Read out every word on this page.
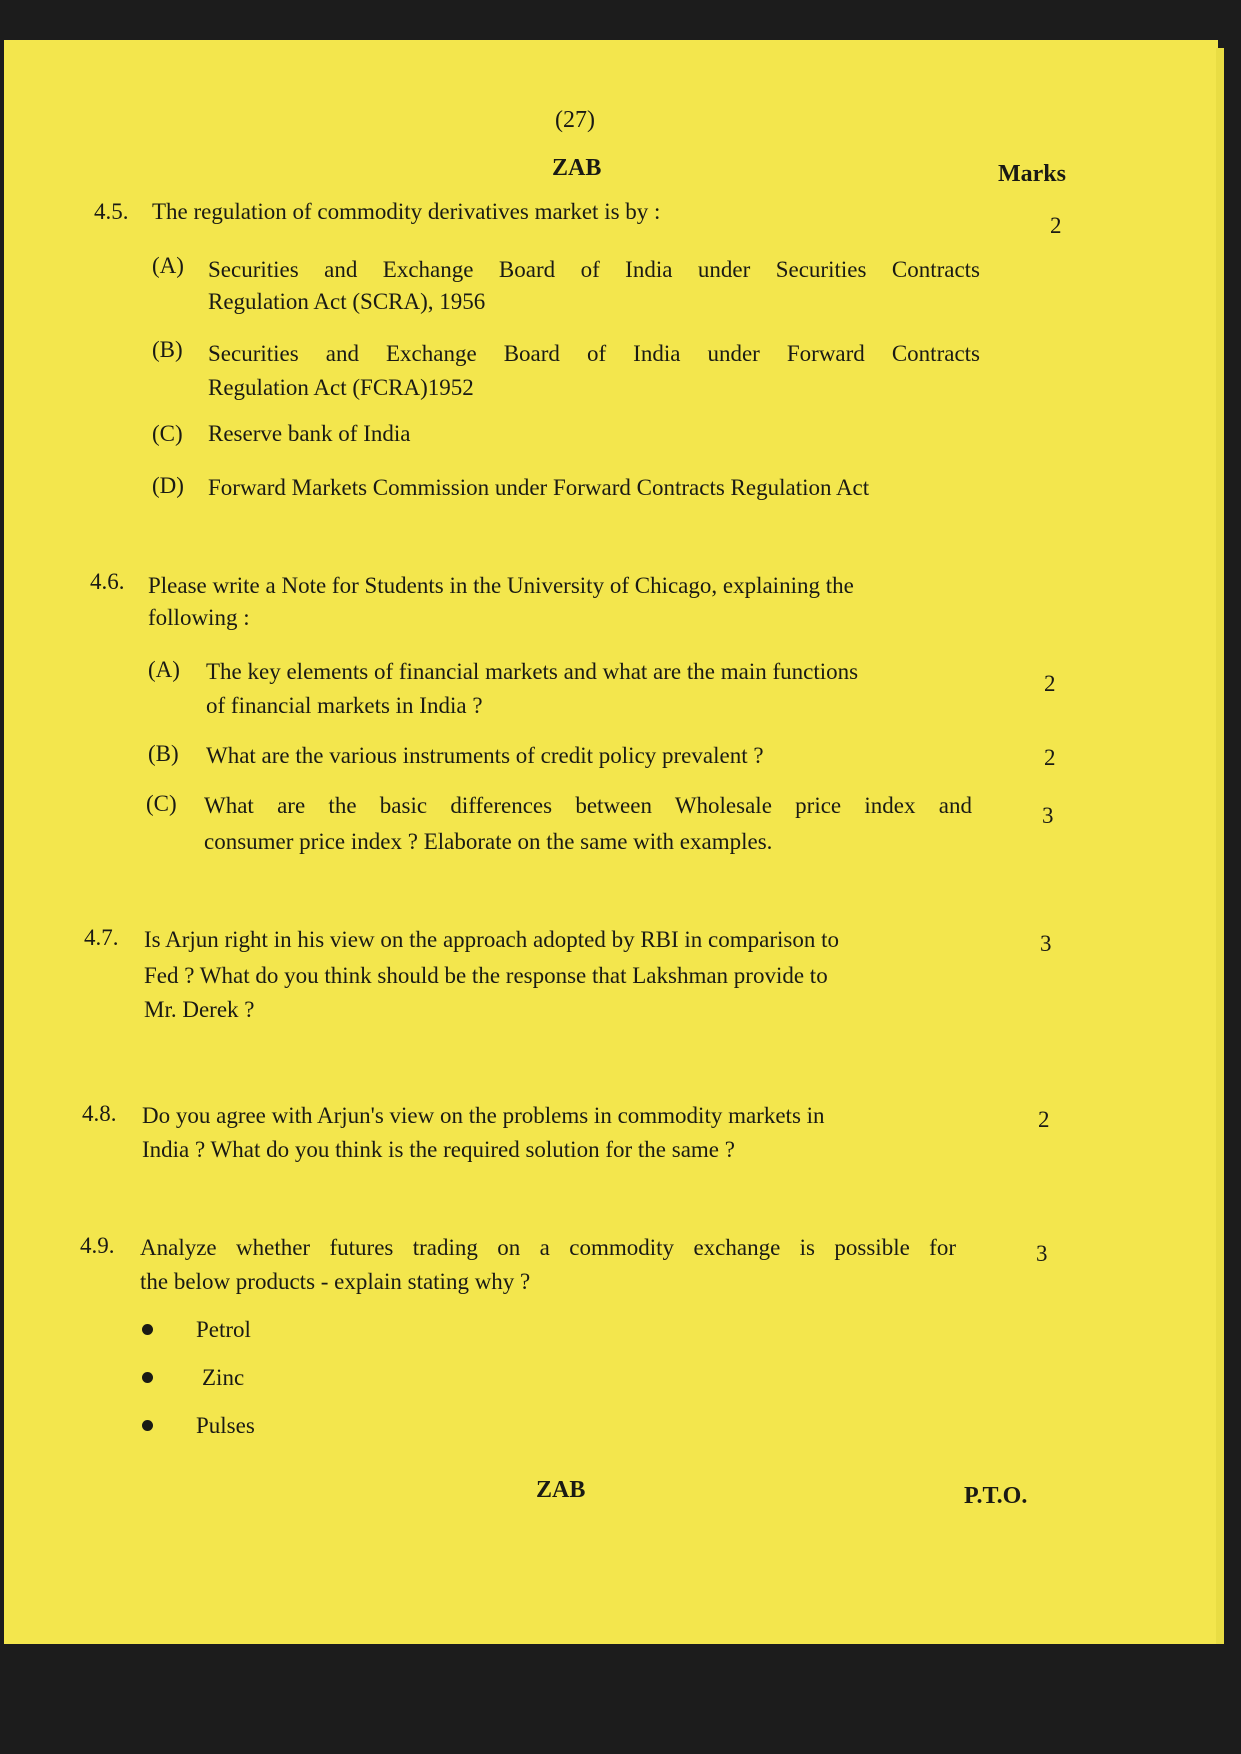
(27)
ZAB	Marks
4.5. The regulation of commodity derivatives market is by :
2
(A) Securities and Exchange Board of India under Securities Contracts
Regulation Act (SCRA), 1956
(B) Securities and Exchange Board of India under Forward Contracts
Regulation Act (FCRA)1952
(C) Reserve bank of India
(D) Forward Markets Commission under Forward Contracts Regulation Act
4.6. Please write a Note for Students in the University of Chicago, explaining the
following :
(A) The key elements of financial markets and what are the main functions
of financial markets in India ?
2
(B) What are the various instruments of credit policy prevalent ?	2
(C) What are the basic differences between Wholesale price index and
consumer price index ? Elaborate on the same with examples.
3
4.7. Is Arjun right in his view on the approach adopted by RBI in comparison to
Fed ? What do you think should be the response that Lakshman provide to
Mr. Derek ?
3
4.8. Do you agree with Arjun's view on the problems in commodity markets in
India ? What do you think is the required solution for the same ?
2
4.9. Analyze whether futures trading on a commodity exchange is possible for
the below products - explain stating why ?
3
Petrol
Zinc
Pulses
ZAB	P.T.O.
